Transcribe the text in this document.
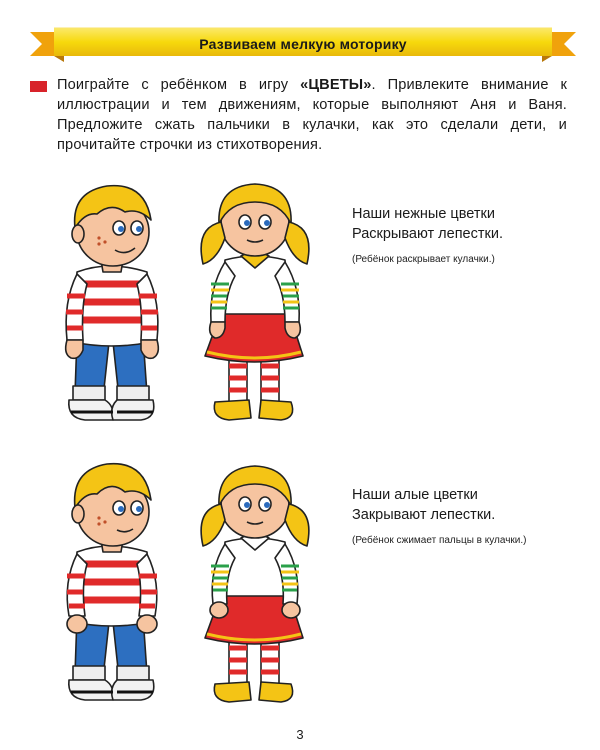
Развиваем мелкую моторику
Поиграйте с ребёнком в игру «ЦВЕТЫ». Привлеките внимание к иллюстрации и тем движениям, которые выполняют Аня и Ваня. Предложите сжать пальчики в кулачки, как это сделали дети, и прочитайте строчки из стихотворения.
Наши нежные цветки
Раскрывают лепестки.
(Ребёнок раскрывает кулачки.)
Наши алые цветки
Закрывают лепестки.
(Ребёнок сжимает пальцы в кулачки.)
3
